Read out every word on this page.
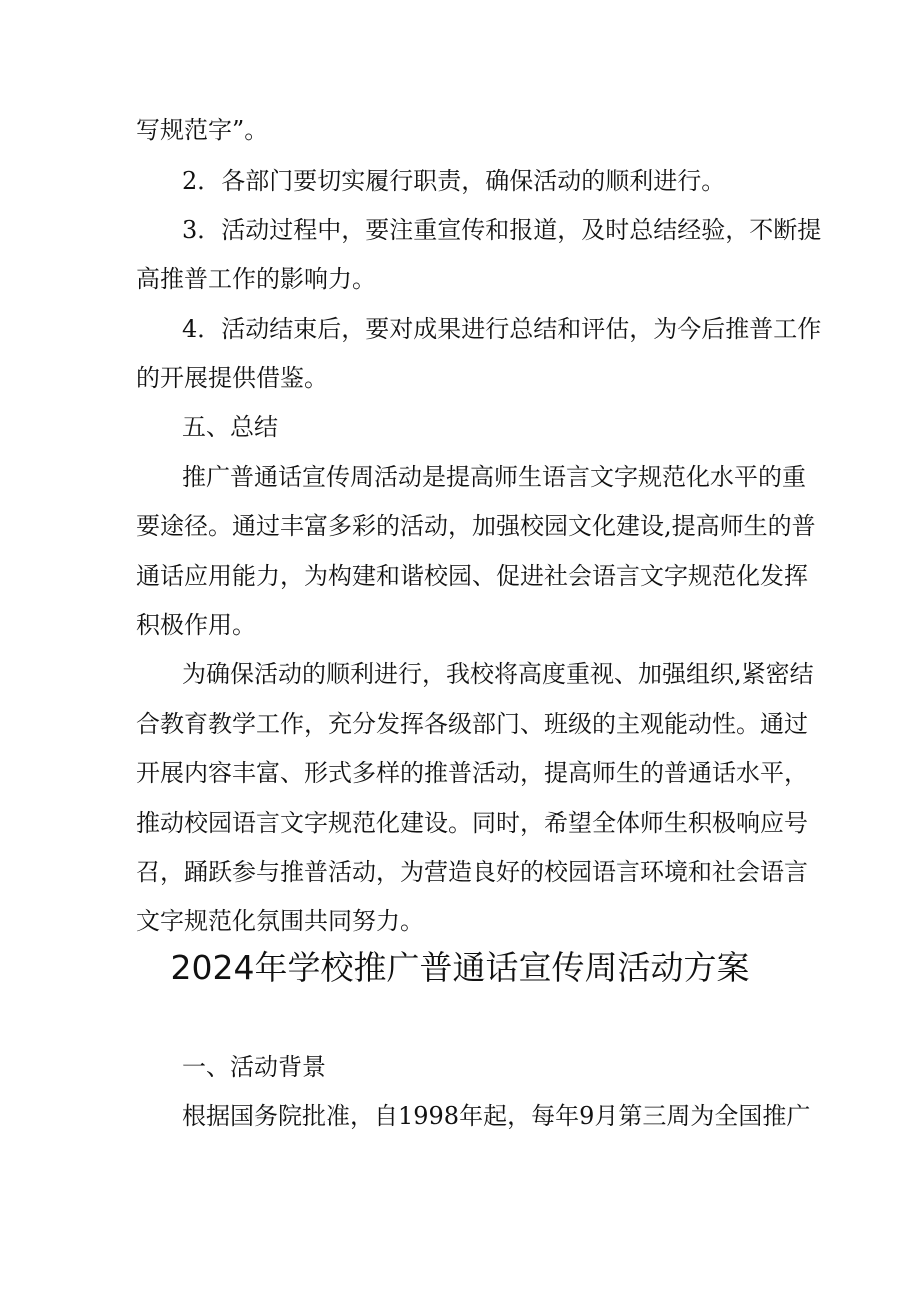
写规范字”。

2．各部门要切实履行职责，确保活动的顺利进行。

3．活动过程中，要注重宣传和报道，及时总结经验，不断提

高推普工作的影响力。

4．活动结束后，要对成果进行总结和评估，为今后推普工作

的开展提供借鉴。

五、总结

推广普通话宣传周活动是提高师生语言文字规范化水平的重

要途径。通过丰富多彩的活动，加强校园文化建设,提高师生的普

通话应用能力，为构建和谐校园、促进社会语言文字规范化发挥

积极作用。

为确保活动的顺利进行，我校将高度重视、加强组织,紧密结

合教育教学工作，充分发挥各级部门、班级的主观能动性。通过

开展内容丰富、形式多样的推普活动，提高师生的普通话水平，

推动校园语言文字规范化建设。同时，希望全体师生积极响应号

召，踊跃参与推普活动，为营造良好的校园语言环境和社会语言

文字规范化氛围共同努力。

2024年学校推广普通话宣传周活动方案
一、活动背景

根据国务院批准，自1998年起，每年9月第三周为全国推广
